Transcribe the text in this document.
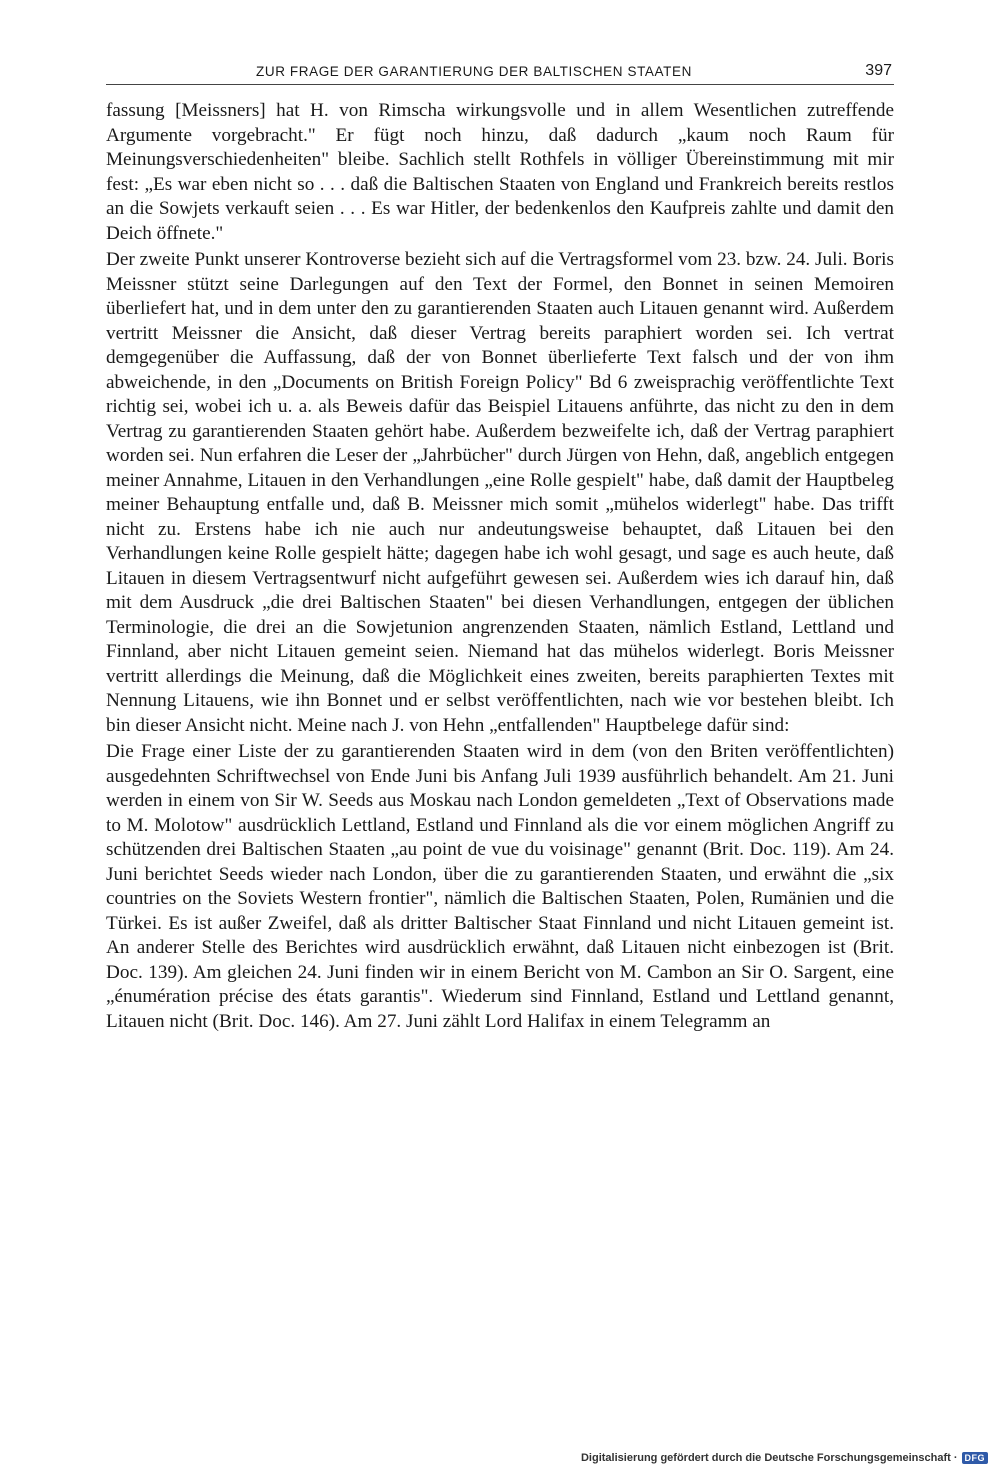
ZUR FRAGE DER GARANTIERUNG DER BALTISCHEN STAATEN	397

fassung [Meissners] hat H. von Rimscha wirkungsvolle und in allem Wesentlichen zutreffende Argumente vorgebracht." Er fügt noch hinzu, daß dadurch „kaum noch Raum für Meinungsverschiedenheiten" bleibe. Sachlich stellt Rothfels in völliger Übereinstimmung mit mir fest: „Es war eben nicht so . . . daß die Baltischen Staaten von England und Frankreich bereits restlos an die Sowjets verkauft seien . . . Es war Hitler, der bedenkenlos den Kaufpreis zahlte und damit den Deich öffnete."

Der zweite Punkt unserer Kontroverse bezieht sich auf die Vertragsformel vom 23. bzw. 24. Juli. Boris Meissner stützt seine Darlegungen auf den Text der Formel, den Bonnet in seinen Memoiren überliefert hat, und in dem unter den zu garantierenden Staaten auch Litauen genannt wird. Außerdem vertritt Meissner die Ansicht, daß dieser Vertrag bereits paraphiert worden sei. Ich vertrat demgegenüber die Auffassung, daß der von Bonnet überlieferte Text falsch und der von ihm abweichende, in den „Documents on British Foreign Policy" Bd 6 zweisprachig veröffentlichte Text richtig sei, wobei ich u. a. als Beweis dafür das Beispiel Litauens anführte, das nicht zu den in dem Vertrag zu garantierenden Staaten gehört habe. Außerdem bezweifelte ich, daß der Vertrag paraphiert worden sei. Nun erfahren die Leser der „Jahrbücher" durch Jürgen von Hehn, daß, angeblich entgegen meiner Annahme, Litauen in den Verhandlungen „eine Rolle gespielt" habe, daß damit der Hauptbeleg meiner Behauptung entfalle und, daß B. Meissner mich somit „mühelos widerlegt" habe. Das trifft nicht zu. Erstens habe ich nie auch nur andeutungsweise behauptet, daß Litauen bei den Verhandlungen keine Rolle gespielt hätte; dagegen habe ich wohl gesagt, und sage es auch heute, daß Litauen in diesem Vertragsentwurf nicht aufgeführt gewesen sei. Außerdem wies ich darauf hin, daß mit dem Ausdruck „die drei Baltischen Staaten" bei diesen Verhandlungen, entgegen der üblichen Terminologie, die drei an die Sowjetunion angrenzenden Staaten, nämlich Estland, Lettland und Finnland, aber nicht Litauen gemeint seien. Niemand hat das mühelos widerlegt. Boris Meissner vertritt allerdings die Meinung, daß die Möglichkeit eines zweiten, bereits paraphierten Textes mit Nennung Litauens, wie ihn Bonnet und er selbst veröffentlichten, nach wie vor bestehen bleibt. Ich bin dieser Ansicht nicht. Meine nach J. von Hehn „entfallenden" Hauptbelege dafür sind:

Die Frage einer Liste der zu garantierenden Staaten wird in dem (von den Briten veröffentlichten) ausgedehnten Schriftwechsel von Ende Juni bis Anfang Juli 1939 ausführlich behandelt. Am 21. Juni werden in einem von Sir W. Seeds aus Moskau nach London gemeldeten „Text of Observations made to M. Molotow" ausdrücklich Lettland, Estland und Finnland als die vor einem möglichen Angriff zu schützenden drei Baltischen Staaten „au point de vue du voisinage" genannt (Brit. Doc. 119). Am 24. Juni berichtet Seeds wieder nach London, über die zu garantierenden Staaten, und erwähnt die „six countries on the Soviets Western frontier", nämlich die Baltischen Staaten, Polen, Rumänien und die Türkei. Es ist außer Zweifel, daß als dritter Baltischer Staat Finnland und nicht Litauen gemeint ist. An anderer Stelle des Berichtes wird ausdrücklich erwähnt, daß Litauen nicht einbezogen ist (Brit. Doc. 139). Am gleichen 24. Juni finden wir in einem Bericht von M. Cambon an Sir O. Sargent, eine „énumération précise des états garantis". Wiederum sind Finnland, Estland und Lettland genannt, Litauen nicht (Brit. Doc. 146). Am 27. Juni zählt Lord Halifax in einem Telegramm an

Digitalisierung gefördert durch die Deutsche Forschungsgemeinschaft · DFG
